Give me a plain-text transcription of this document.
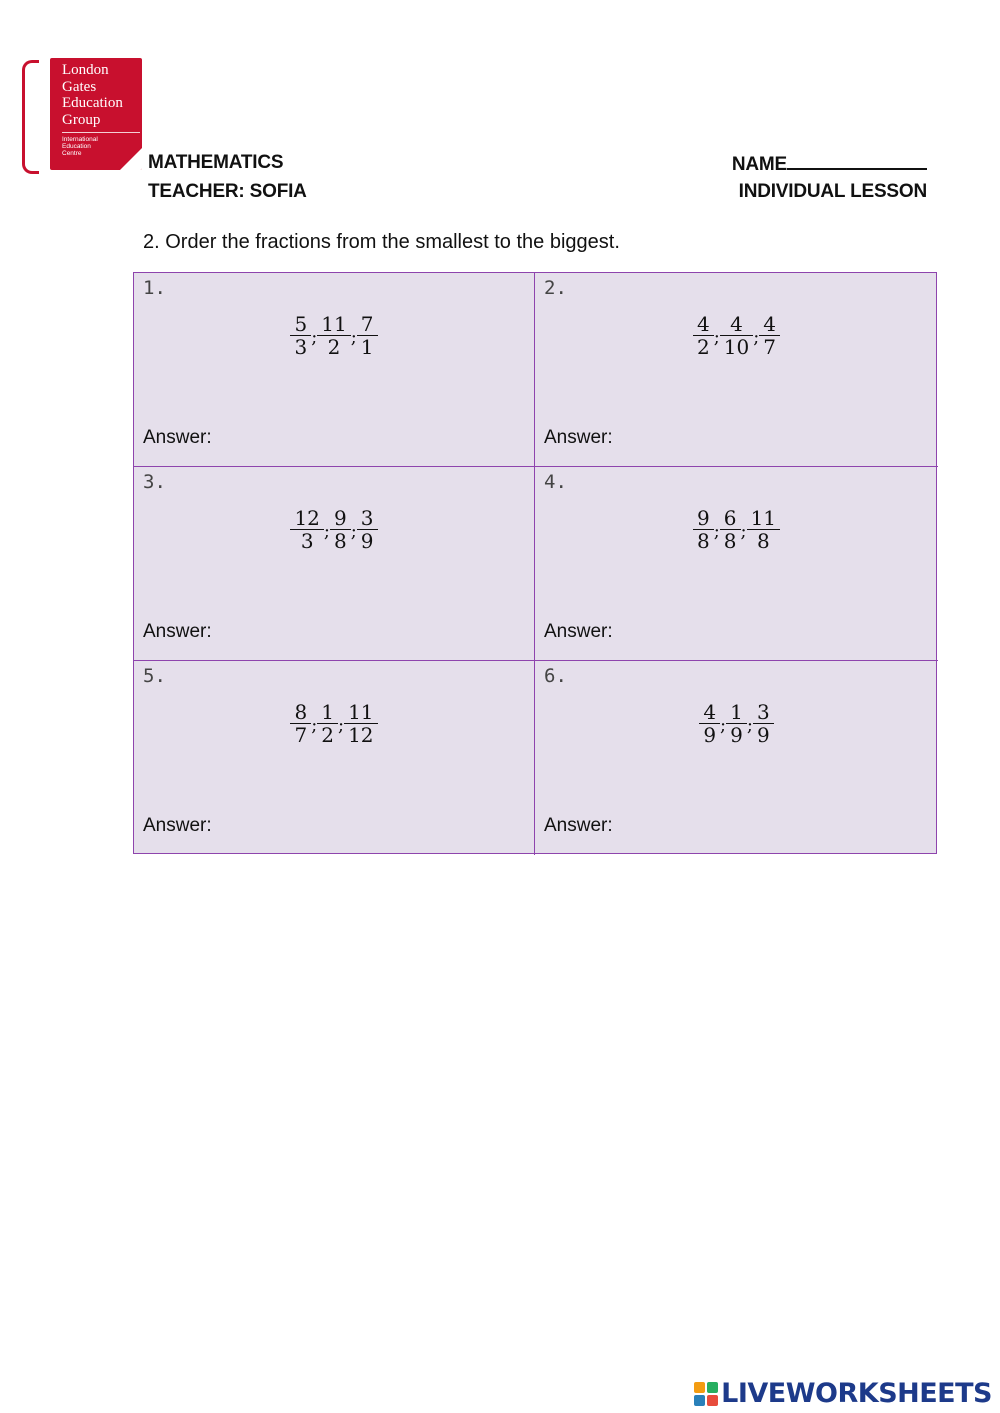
London
Gates
Education
Group
International
Education
Centre	MATHEMATICS
TEACHER: SOFIA
NAME
INDIVIDUAL LESSON
2. Order the fractions from the smallest to the biggest.
1.
$\frac{5}{3}$ ; $\frac{11}{2}$ ; $\frac{7}{1}$
Answer:
2.
$\frac{4}{2}$ ; $\frac{4}{10}$ ; $\frac{4}{7}$
Answer:
3.
$\frac{12}{3}$ ; $\frac{9}{8}$ ; $\frac{3}{9}$
Answer:
4.
$\frac{9}{8}$ ; $\frac{6}{8}$ ; $\frac{11}{8}$
Answer:
5.
$\frac{8}{7}$ ; $\frac{1}{2}$ ; $\frac{11}{12}$
Answer:
6.
$\frac{4}{9}$ ; $\frac{1}{9}$ ; $\frac{3}{9}$
Answer:
LIVEWORKSHEETS
